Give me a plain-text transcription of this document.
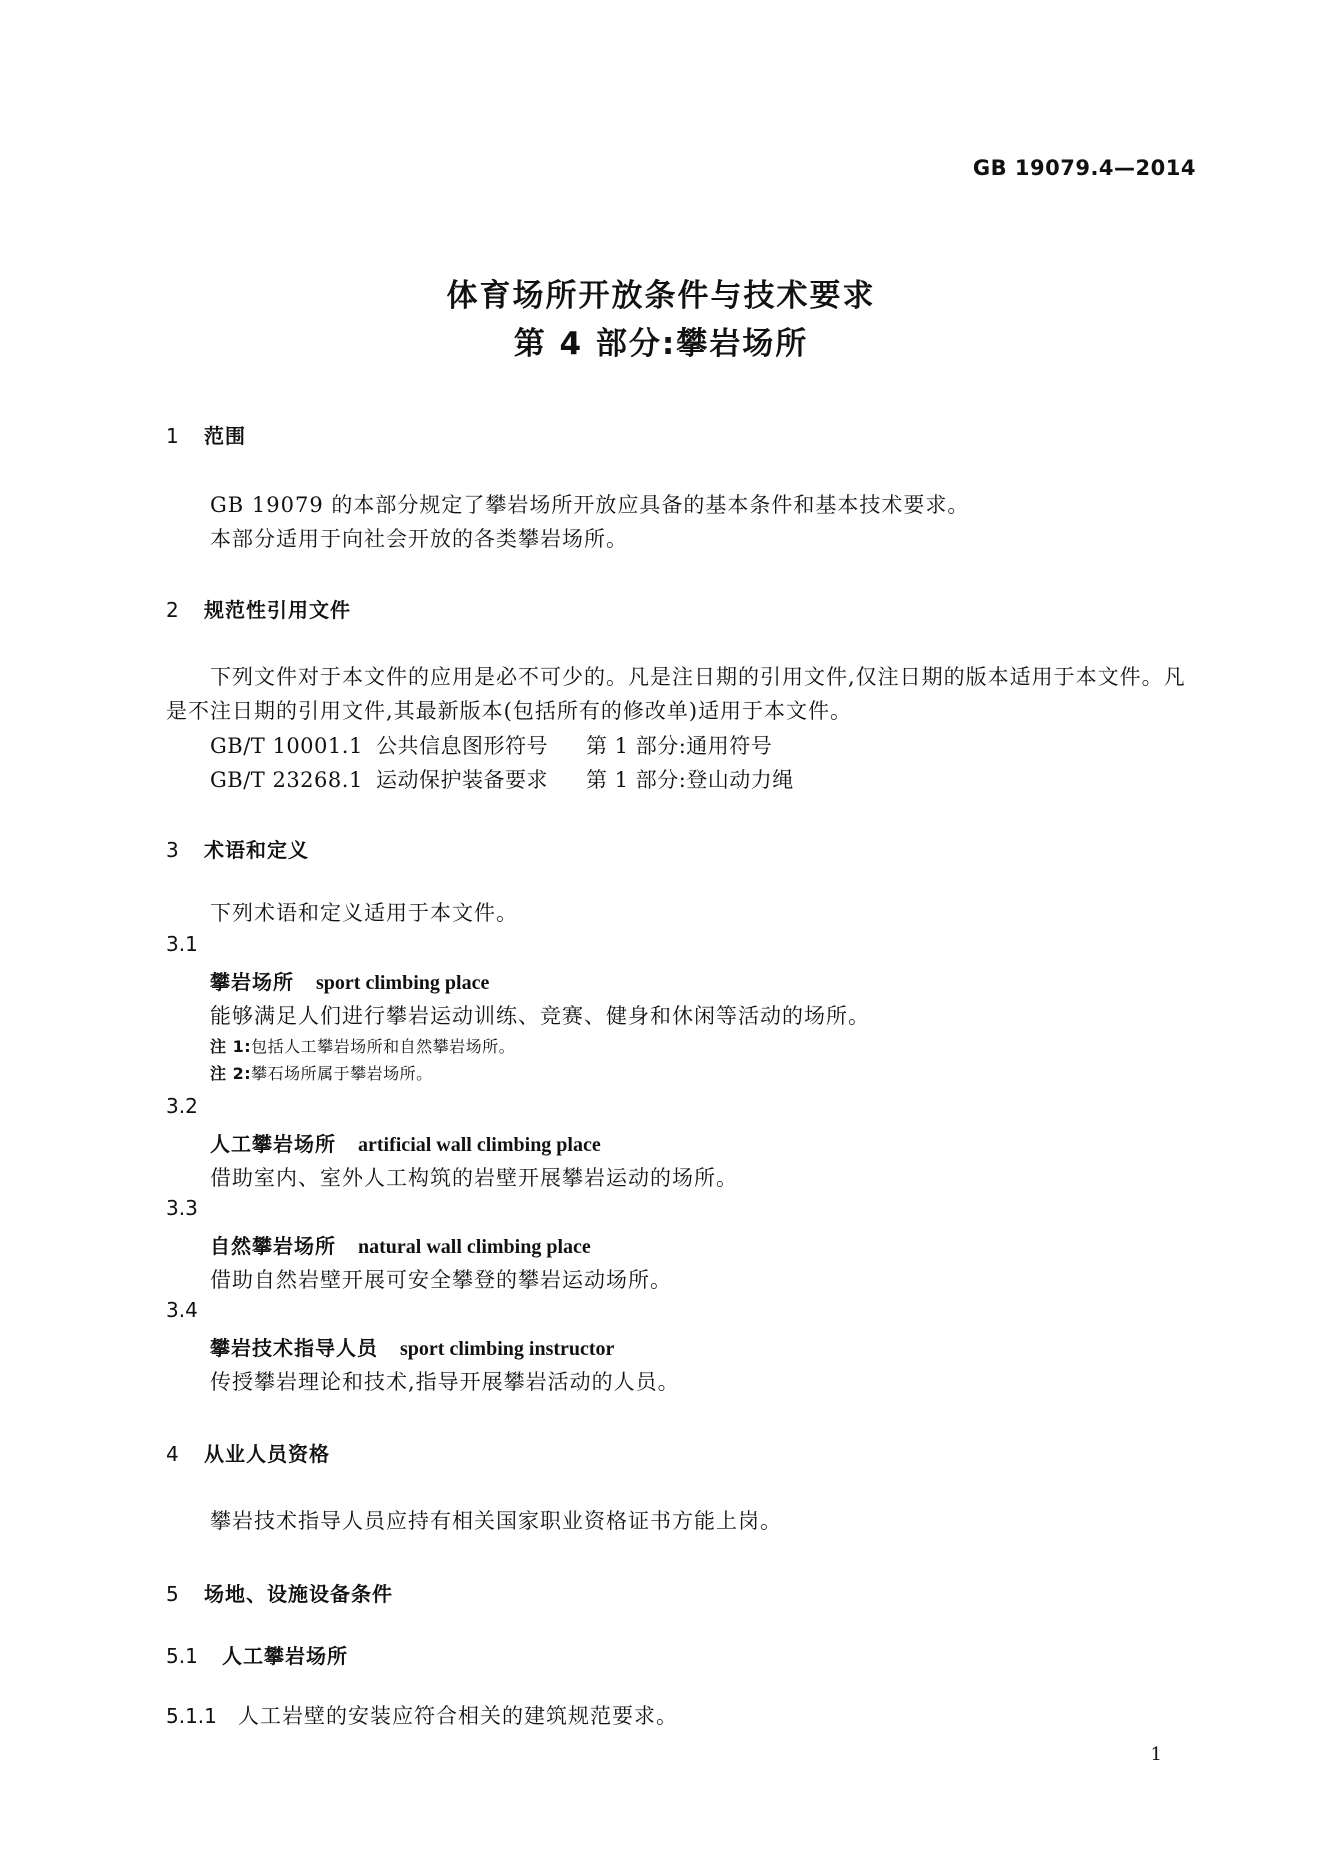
GB 19079.4—2014
体育场所开放条件与技术要求
第 4 部分:攀岩场所
1 范围
GB 19079 的本部分规定了攀岩场所开放应具备的基本条件和基本技术要求。
本部分适用于向社会开放的各类攀岩场所。
2 规范性引用文件
下列文件对于本文件的应用是必不可少的。凡是注日期的引用文件,仅注日期的版本适用于本文件。凡是不注日期的引用文件,其最新版本(包括所有的修改单)适用于本文件。
GB/T 10001.1 公共信息图形符号 第 1 部分:通用符号
GB/T 23268.1 运动保护装备要求 第 1 部分:登山动力绳
3 术语和定义
下列术语和定义适用于本文件。
3.1
攀岩场所 sport climbing place
能够满足人们进行攀岩运动训练、竞赛、健身和休闲等活动的场所。
注 1:包括人工攀岩场所和自然攀岩场所。
注 2:攀石场所属于攀岩场所。
3.2
人工攀岩场所 artificial wall climbing place
借助室内、室外人工构筑的岩壁开展攀岩运动的场所。
3.3
自然攀岩场所 natural wall climbing place
借助自然岩壁开展可安全攀登的攀岩运动场所。
3.4
攀岩技术指导人员 sport climbing instructor
传授攀岩理论和技术,指导开展攀岩活动的人员。
4 从业人员资格
攀岩技术指导人员应持有相关国家职业资格证书方能上岗。
5 场地、设施设备条件
5.1 人工攀岩场所
5.1.1 人工岩壁的安装应符合相关的建筑规范要求。
1
